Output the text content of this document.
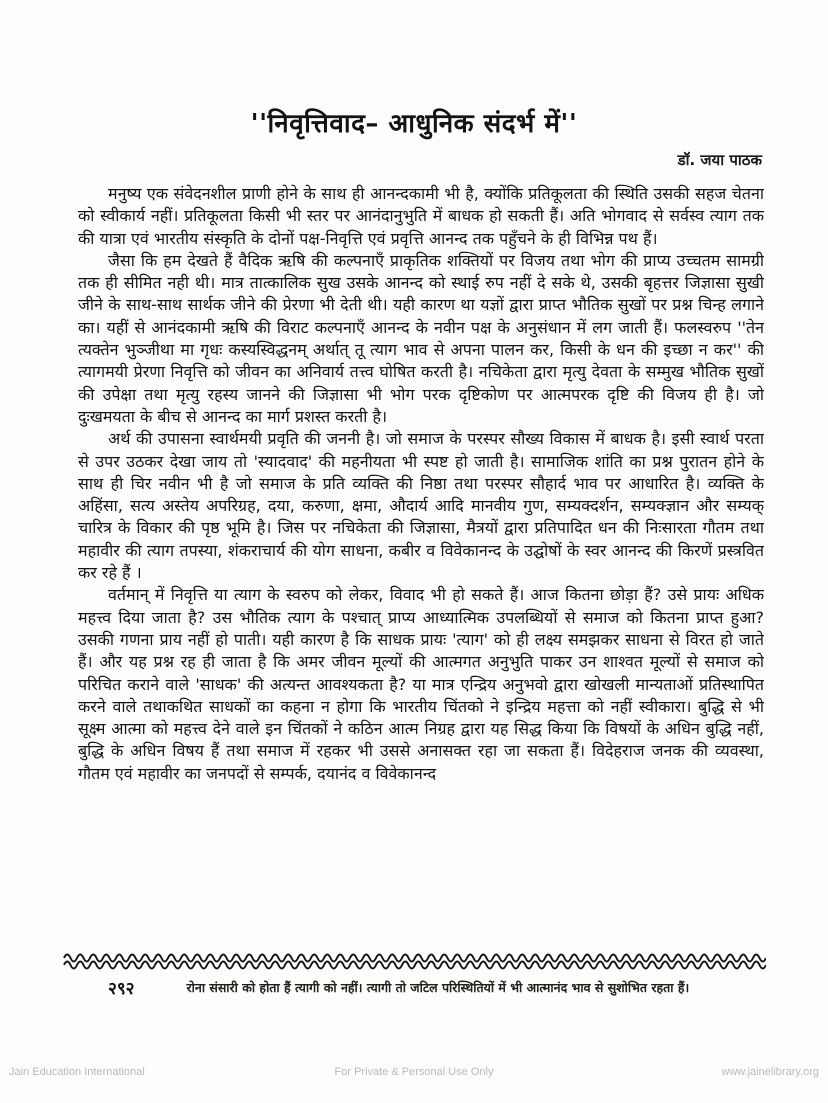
''निवृत्तिवाद– आधुनिक संदर्भ में''
डॉ. जया पाठक

मनुष्य एक संवेदनशील प्राणी होने के साथ ही आनन्दकामी भी है, क्योंकि प्रतिकूलता की स्थिति उसकी सहज चेतना को स्वीकार्य नहीं। प्रतिकूलता किसी भी स्तर पर आनंदानुभुति में बाधक हो सकती हैं। अति भोगवाद से सर्वस्व त्याग तक की यात्रा एवं भारतीय संस्कृति के दोनों पक्ष-निवृत्ति एवं प्रवृत्ति आनन्द तक पहुँचने के ही विभिन्न पथ हैं।

जैसा कि हम देखते हैं वैदिक ऋषि की कल्पनाएँ प्राकृतिक शक्तियों पर विजय तथा भोग की प्राप्य उच्चतम सामग्री तक ही सीमित नही थी। मात्र तात्कालिक सुख उसके आनन्द को स्थाई रुप नहीं दे सके थे, उसकी बृहत्तर जिज्ञासा सुखी जीने के साथ-साथ सार्थक जीने की प्रेरणा भी देती थी। यही कारण था यज्ञों द्वारा प्राप्त भौतिक सुखों पर प्रश्न चिन्ह लगाने का। यहीं से आनंदकामी ऋषि की विराट कल्पनाएँ आनन्द के नवीन पक्ष के अनुसंधान में लग जाती हैं। फलस्वरुप ''तेन त्यक्तेन भुञ्जीथा मा गृधः कस्यस्विद्धनम् अर्थात् तू त्याग भाव से अपना पालन कर, किसी के धन की इच्छा न कर'' की त्यागमयी प्रेरणा निवृत्ति को जीवन का अनिवार्य तत्त्व घोषित करती है। नचिकेता द्वारा मृत्यु देवता के सम्मुख भौतिक सुखों की उपेक्षा तथा मृत्यु रहस्य जानने की जिज्ञासा भी भोग परक दृष्टिकोण पर आत्मपरक दृष्टि की विजय ही है। जो दुःखमयता के बीच से आनन्द का मार्ग प्रशस्त करती है।

अर्थ की उपासना स्वार्थमयी प्रवृति की जननी है। जो समाज के परस्पर सौख्य विकास में बाधक है। इसी स्वार्थ परता से उपर उठकर देखा जाय तो 'स्यादवाद' की महनीयता भी स्पष्ट हो जाती है। सामाजिक शांति का प्रश्न पुरातन होने के साथ ही चिर नवीन भी है जो समाज के प्रति व्यक्ति की निष्ठा तथा परस्पर सौहार्द भाव पर आधारित है। व्यक्ति के अहिंसा, सत्य अस्तेय अपरिग्रह, दया, करुणा, क्षमा, औदार्य आदि मानवीय गुण, सम्यक्दर्शन, सम्यक्ज्ञान और सम्यक् चारित्र के विकार की पृष्ठ भूमि है। जिस पर नचिकेता की जिज्ञासा, मैत्रयों द्वारा प्रतिपादित धन की निःसारता गौतम तथा महावीर की त्याग तपस्या, शंकराचार्य की योग साधना, कबीर व विवेकानन्द के उद्घोषों के स्वर आनन्द की किरणें प्रस्त्रवित कर रहे हैं ।

वर्तमान् में निवृत्ति या त्याग के स्वरुप को लेकर, विवाद भी हो सकते हैं। आज कितना छोड़ा हैं? उसे प्रायः अधिक महत्त्व दिया जाता है? उस भौतिक त्याग के पश्चात् प्राप्य आध्यात्मिक उपलब्धियों से समाज को कितना प्राप्त हुआ? उसकी गणना प्राय नहीं हो पाती। यही कारण है कि साधक प्रायः 'त्याग' को ही लक्ष्य समझकर साधना से विरत हो जाते हैं। और यह प्रश्न रह ही जाता है कि अमर जीवन मूल्यों की आत्मगत अनुभुति पाकर उन शाश्वत मूल्यों से समाज को परिचित कराने वाले 'साधक' की अत्यन्त आवश्यकता है? या मात्र एन्द्रिय अनुभवो द्वारा खोखली मान्यताओं प्रतिस्थापित करने वाले तथाकथित साधकों का कहना न होगा कि भारतीय चिंतको ने इन्द्रिय महत्ता को नहीं स्वीकारा। बुद्धि से भी सूक्ष्म आत्मा को महत्त्व देने वाले इन चिंतकों ने कठिन आत्म निग्रह द्वारा यह सिद्ध किया कि विषयों के अधिन बुद्धि नहीं, बुद्धि के अधिन विषय हैं तथा समाज में रहकर भी उससे अनासक्त रहा जा सकता हैं। विदेहराज जनक की व्यवस्था, गौतम एवं महावीर का जनपदों से सम्पर्क, दयानंद व विवेकानन्द

२९२	रोना संसारी को होता हैं त्यागी को नहीं। त्यागी तो जटिल परिस्थितियों में भी आत्मानंद भाव से सुशोभित रहता हैं।
Jain Education International	For Private & Personal Use Only	www.jainelibrary.org
